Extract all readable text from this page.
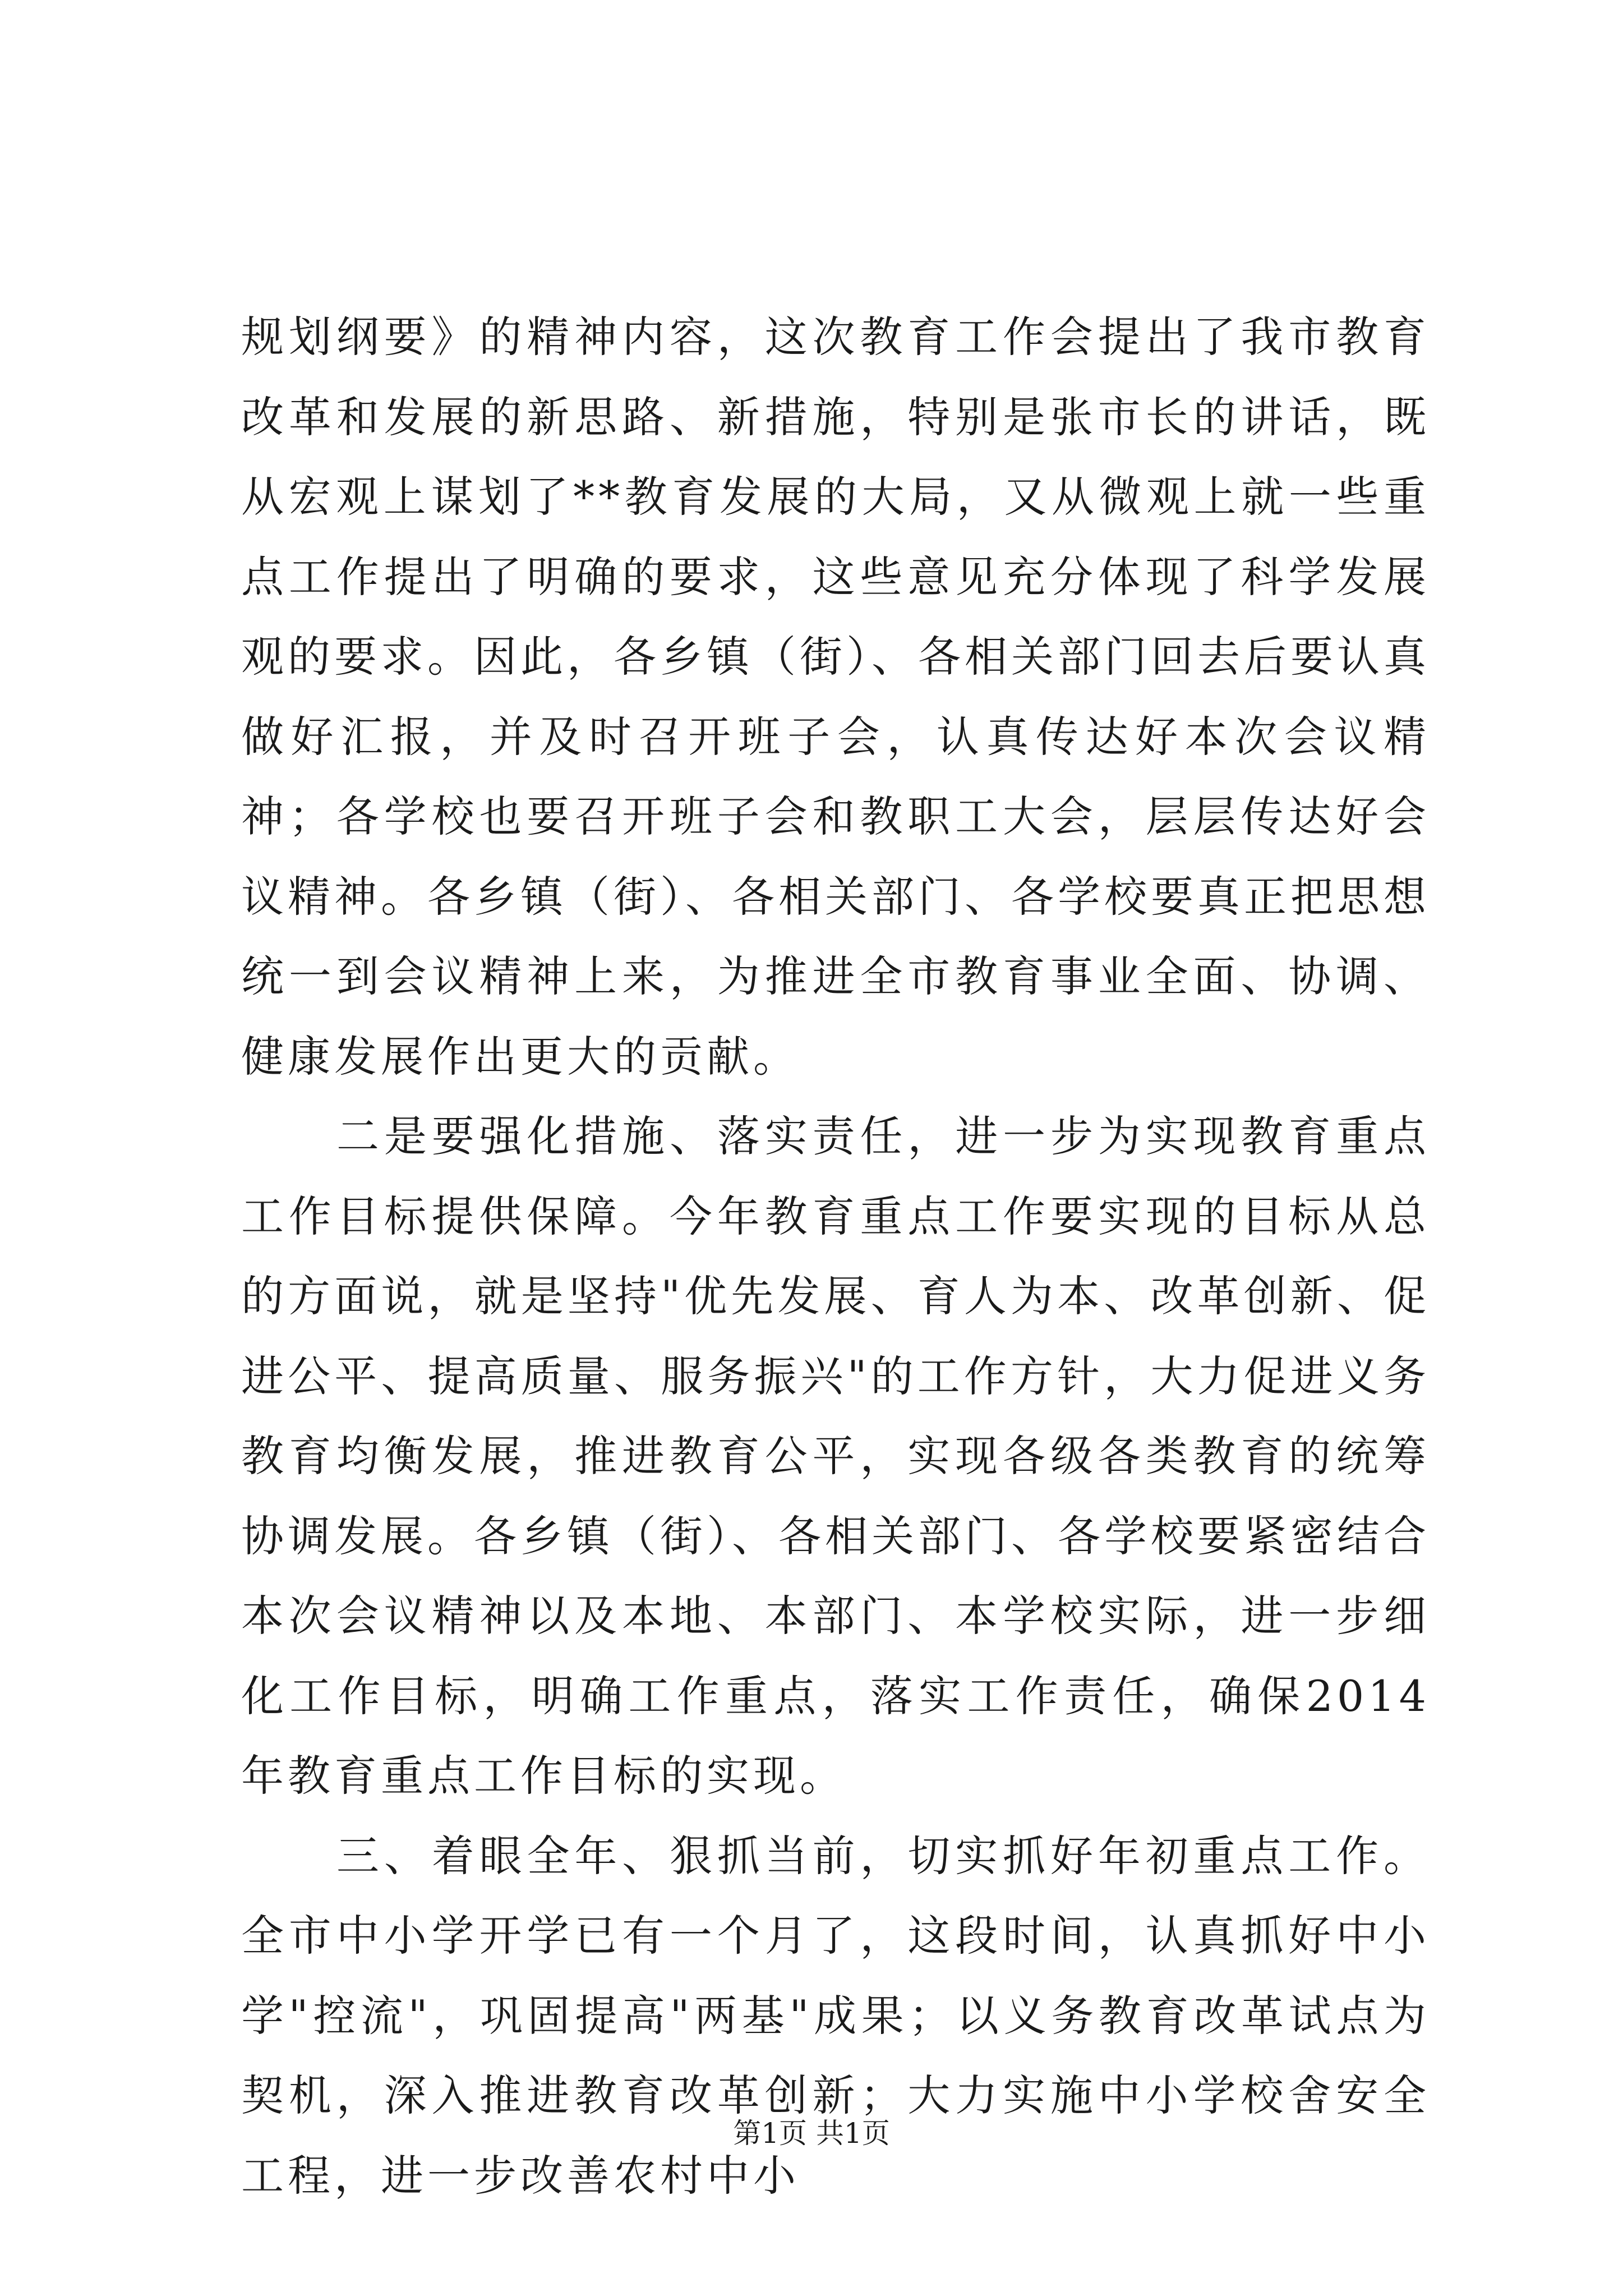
规划纲要》的精神内容，这次教育工作会提出了我市教育改革和发展的新思路、新措施，特别是张市长的讲话，既从宏观上谋划了**教育发展的大局，又从微观上就一些重点工作提出了明确的要求，这些意见充分体现了科学发展观的要求。因此，各乡镇（街）、各相关部门回去后要认真做好汇报，并及时召开班子会，认真传达好本次会议精神；各学校也要召开班子会和教职工大会，层层传达好会议精神。各乡镇（街）、各相关部门、各学校要真正把思想统一到会议精神上来，为推进全市教育事业全面、协调、健康发展作出更大的贡献。

二是要强化措施、落实责任，进一步为实现教育重点工作目标提供保障。今年教育重点工作要实现的目标从总的方面说，就是坚持"优先发展、育人为本、改革创新、促进公平、提高质量、服务振兴"的工作方针，大力促进义务教育均衡发展，推进教育公平，实现各级各类教育的统筹协调发展。各乡镇（街）、各相关部门、各学校要紧密结合本次会议精神以及本地、本部门、本学校实际，进一步细化工作目标，明确工作重点，落实工作责任，确保2014年教育重点工作目标的实现。

三、着眼全年、狠抓当前，切实抓好年初重点工作。全市中小学开学已有一个月了，这段时间，认真抓好中小学"控流"，巩固提高"两基"成果；以义务教育改革试点为契机，深入推进教育改革创新；大力实施中小学校舍安全工程，进一步改善农村中小

第1页 共1页
